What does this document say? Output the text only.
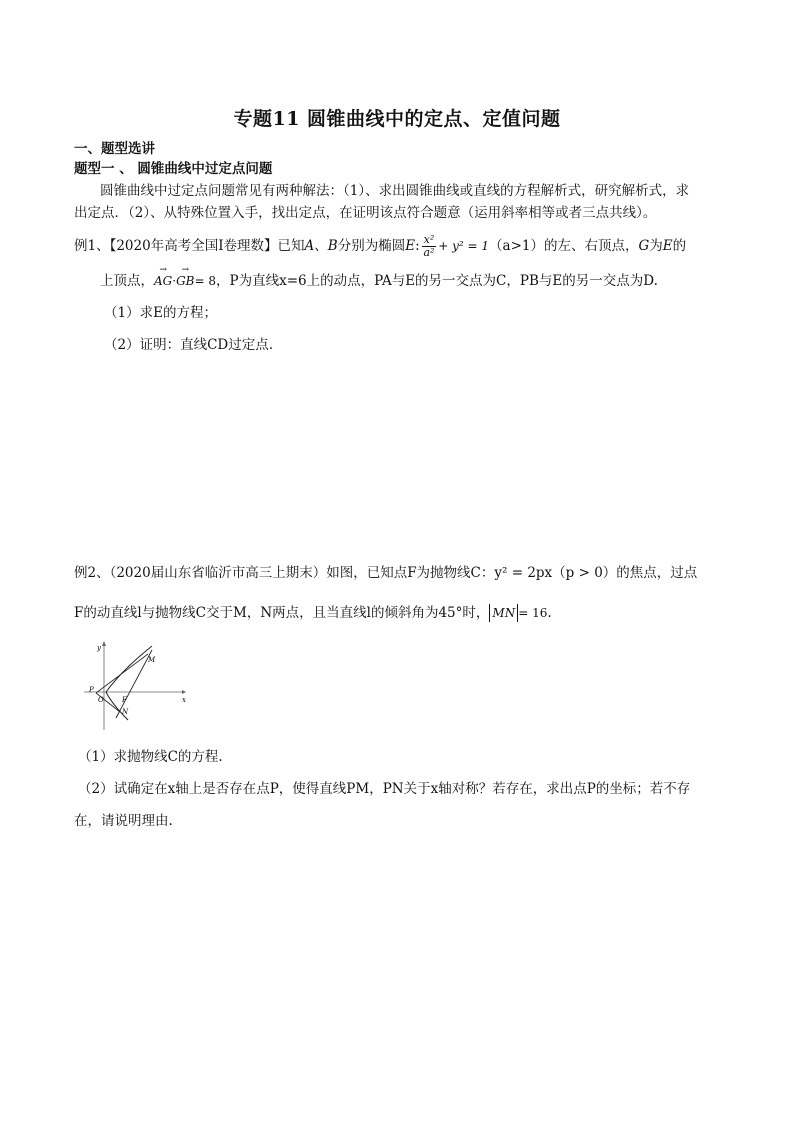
专题11 圆锥曲线中的定点、定值问题
一、题型选讲
题型一 、 圆锥曲线中过定点问题
圆锥曲线中过定点问题常见有两种解法：（1）、求出圆锥曲线或直线的方程解析式，研究解析式，求
出定点．（2）、从特殊位置入手，找出定点，在证明该点符合题意（运用斜率相等或者三点共线）。
例1、【2020年高考全国Ⅰ卷理数】已知 A 、 B 分别为椭圆 E : $\frac{\text{x²}}{\text{a²}} + y^2 = 1$ （a>1）的左、右顶点， G 为 E 的
上顶点， → AG · → GB = 8 ，P为直线x=6上的动点，PA与E的另一交点为C，PB与E的另一交点为D.
（1）求E的方程；
（2）证明：直线CD过定点.
例2、（2020届山东省临沂市高三上期末）如图，已知点F为抛物线C：y² = 2px（p > 0）的焦点，过点
F的动直线l与抛物线C交于M，N两点，且当直线l的倾斜角为45°时， MN = 16 .
y
x
M
N
P
O	F
（1）求抛物线C的方程.
（2）试确定在x轴上是否存在点P，使得直线PM，PN关于x轴对称？若存在，求出点P的坐标；若不存
在，请说明理由.
